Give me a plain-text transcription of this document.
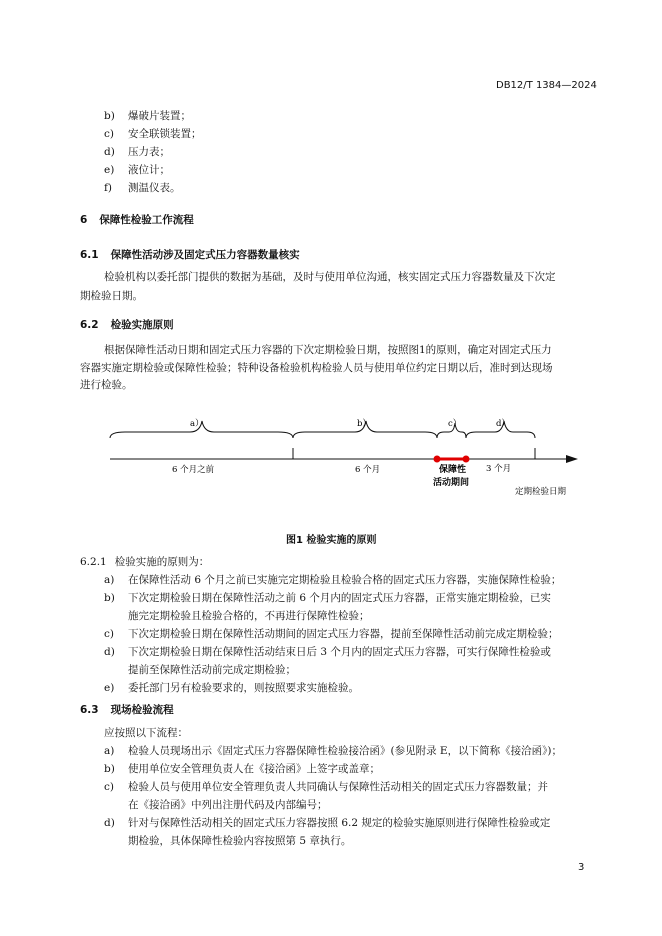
DB12/T 1384—2024
b) 爆破片装置；
c) 安全联锁装置；
d) 压力表；
e) 液位计；
f) 测温仪表。
6 保障性检验工作流程
6.1 保障性活动涉及固定式压力容器数量核实
检验机构以委托部门提供的数据为基础，及时与使用单位沟通，核实固定式压力容器数量及下次定
期检验日期。
6.2 检验实施原则
根据保障性活动日期和固定式压力容器的下次定期检验日期，按照图1的原则，确定对固定式压力
容器实施定期检验或保障性检验；特种设备检验机构检验人员与使用单位约定日期以后，准时到达现场
进行检验。
a）	b）	c）	d）
6 个月之前	6 个月	保障性
活动期间
3 个月
定期检验日期
图1 检验实施的原则
6.2.1 检验实施的原则为：
a) 在保障性活动 6 个月之前已实施完定期检验且检验合格的固定式压力容器，实施保障性检验；
b) 下次定期检验日期在保障性活动之前 6 个月内的固定式压力容器，正常实施定期检验，已实
施完定期检验且检验合格的，不再进行保障性检验；
c) 下次定期检验日期在保障性活动期间的固定式压力容器，提前至保障性活动前完成定期检验；
d) 下次定期检验日期在保障性活动结束日后 3 个月内的固定式压力容器，可实行保障性检验或
提前至保障性活动前完成定期检验；
e) 委托部门另有检验要求的，则按照要求实施检验。
6.3 现场检验流程
应按照以下流程：
a) 检验人员现场出示《固定式压力容器保障性检验接洽函》(参见附录 E，以下简称《接洽函》)；
b) 使用单位安全管理负责人在《接洽函》上签字或盖章；
c) 检验人员与使用单位安全管理负责人共同确认与保障性活动相关的固定式压力容器数量；并
在《接洽函》中列出注册代码及内部编号；
d) 针对与保障性活动相关的固定式压力容器按照 6.2 规定的检验实施原则进行保障性检验或定
期检验，具体保障性检验内容按照第 5 章执行。
3
